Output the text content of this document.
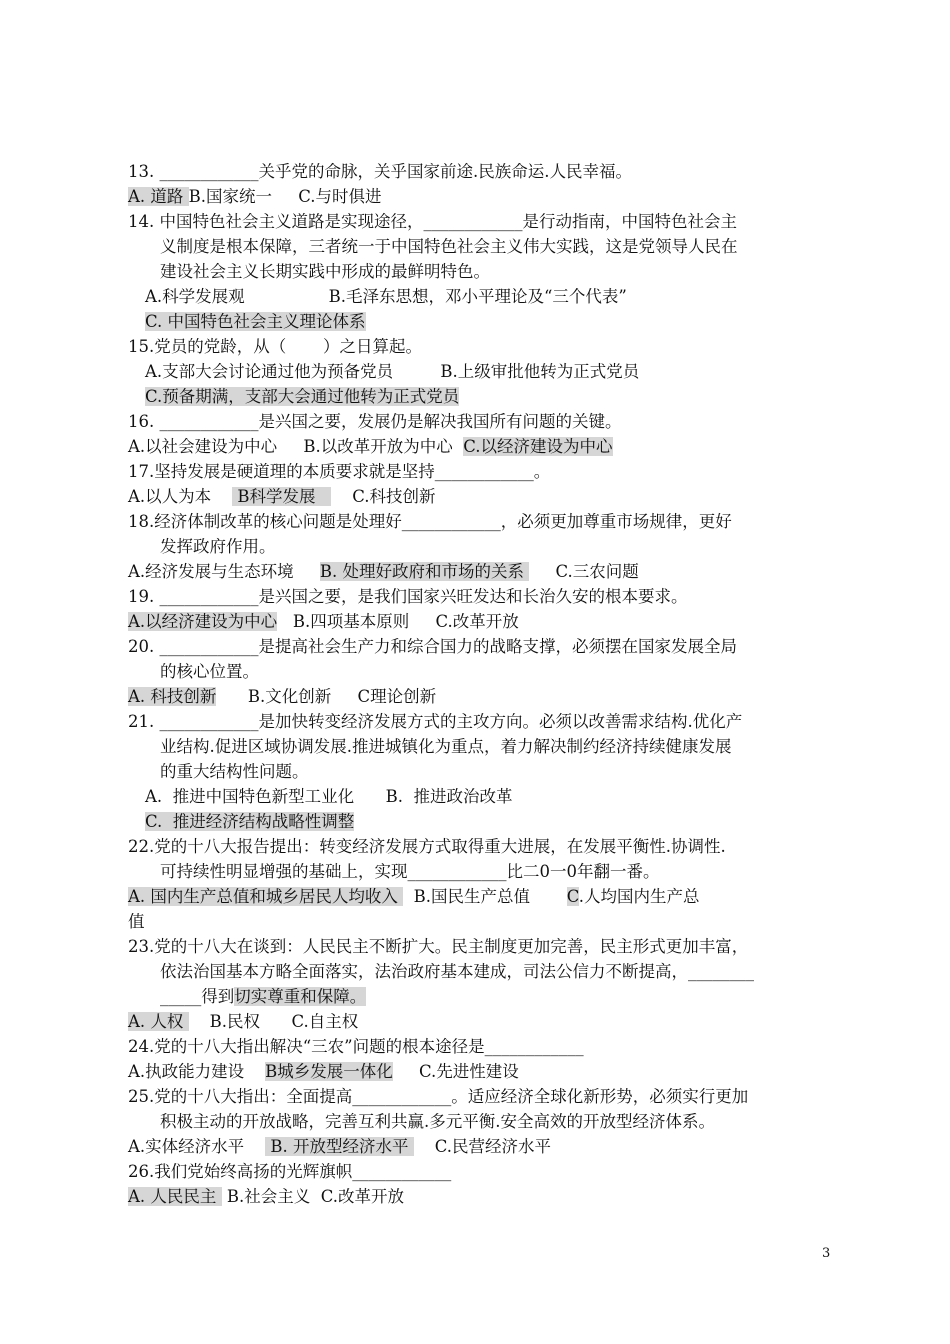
13. ____________关乎党的命脉，关乎国家前途.民族命运.人民幸福。
A. 道路 B.国家统一     C.与时俱进
14. 中国特色社会主义道路是实现途径，____________是行动指南，中国特色社会主
义制度是根本保障，三者统一于中国特色社会主义伟大实践，这是党领导人民在
建设社会主义长期实践中形成的最鲜明特色。
A.科学发展观                B.毛泽东思想，邓小平理论及“三个代表”
C. 中国特色社会主义理论体系
15.党员的党龄，从（       ）之日算起。
A.支部大会讨论通过他为预备党员         B.上级审批他转为正式党员
C.预备期满，支部大会通过他转为正式党员
16. ____________是兴国之要，发展仍是解决我国所有问题的关键。
A.以社会建设为中心     B.以改革开放为中心  C.以经济建设为中心
17.坚持发展是硬道理的本质要求就是坚持____________。
A.以人为本     B科学发展       C.科技创新
18.经济体制改革的核心问题是处理好____________，必须更加尊重市场规律，更好
发挥政府作用。
A.经济发展与生态环境     B. 处理好政府和市场的关系      C.三农问题
19. ____________是兴国之要，是我们国家兴旺发达和长治久安的根本要求。
A.以经济建设为中心   B.四项基本原则     C.改革开放
20. ____________是提高社会生产力和综合国力的战略支撑，必须摆在国家发展全局
的核心位置。
A. 科技创新      B.文化创新     C理论创新
21. ____________是加快转变经济发展方式的主攻方向。必须以改善需求结构.优化产
业结构.促进区域协调发展.推进城镇化为重点，着力解决制约经济持续健康发展
的重大结构性问题。
A.  推进中国特色新型工业化      B.  推进政治改革
C.  推进经济结构战略性调整
22.党的十八大报告提出：转变经济发展方式取得重大进展，在发展平衡性.协调性.
可持续性明显增强的基础上，实现____________比二0一0年翻一番。
A. 国内生产总值和城乡居民人均收入   B.国民生产总值       C.人均国内生产总
值
23.党的十八大在谈到：人民民主不断扩大。民主制度更加完善，民主形式更加丰富，
依法治国基本方略全面落实，法治政府基本建成，司法公信力不断提高，________
_____得到切实尊重和保障。
A. 人权     B.民权      C.自主权
24.党的十八大指出解决“三农”问题的根本途径是____________
A.执政能力建设    B城乡发展一体化     C.先进性建设
25.党的十八大指出：全面提高____________。适应经济全球化新形势，必须实行更加
积极主动的开放战略，完善互利共赢.多元平衡.安全高效的开放型经济体系。
A.实体经济水平     B. 开放型经济水平     C.民营经济水平
26.我们党始终高扬的光辉旗帜____________
A. 人民民主  B.社会主义  C.改革开放
3
